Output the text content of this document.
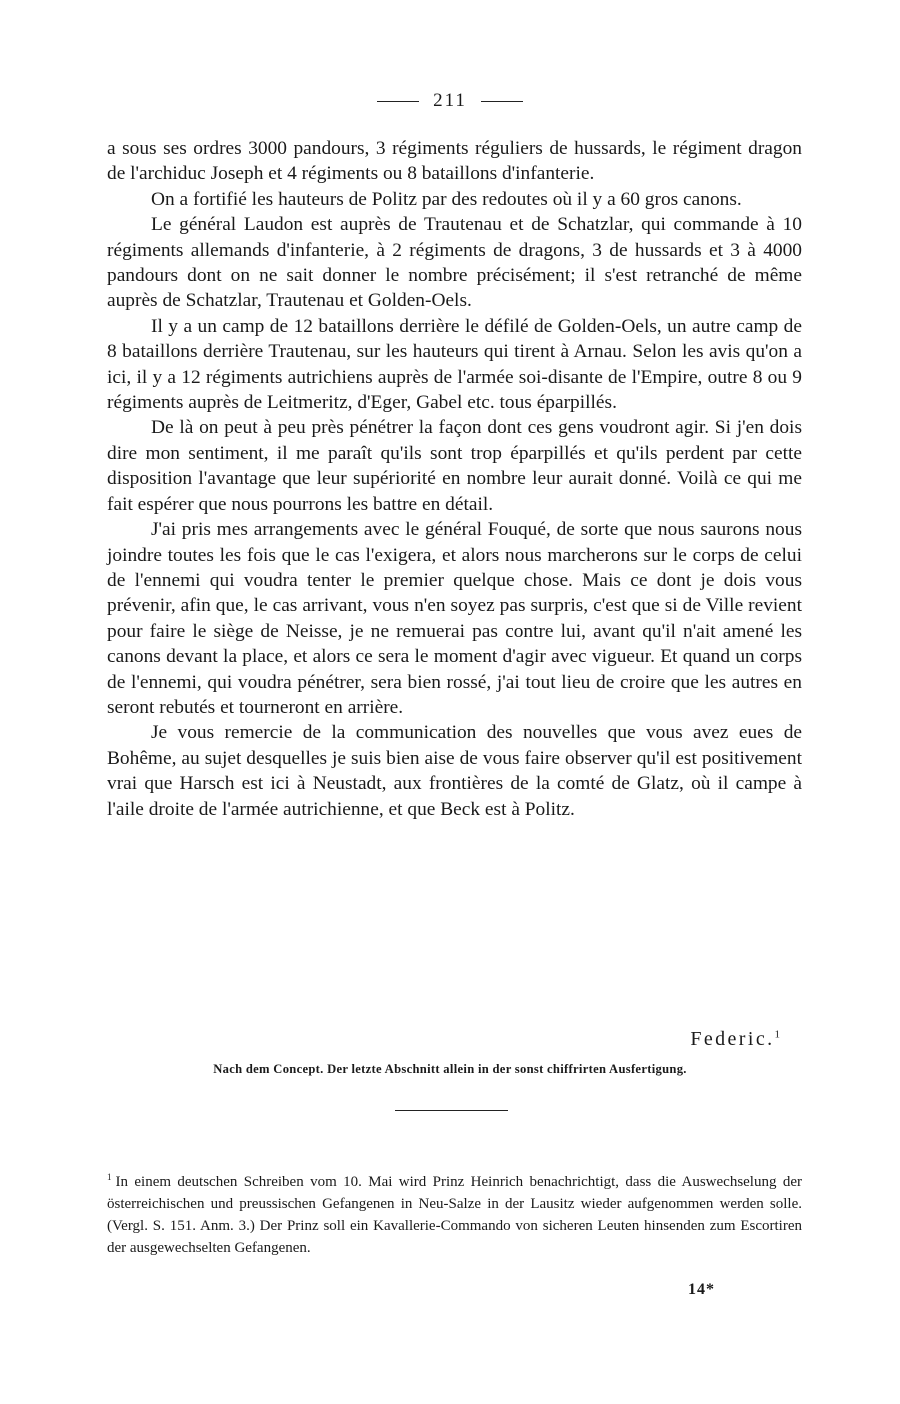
211

a sous ses ordres 3000 pandours, 3 régiments réguliers de hussards, le régiment dragon de l'archiduc Joseph et 4 régiments ou 8 bataillons d'infanterie.

On a fortifié les hauteurs de Politz par des redoutes où il y a 60 gros canons.

Le général Laudon est auprès de Trautenau et de Schatzlar, qui commande à 10 régiments allemands d'infanterie, à 2 régiments de dragons, 3 de hussards et 3 à 4000 pandours dont on ne sait donner le nombre précisément; il s'est retranché de même auprès de Schatzlar, Trautenau et Golden-Oels.

Il y a un camp de 12 bataillons derrière le défilé de Golden-Oels, un autre camp de 8 bataillons derrière Trautenau, sur les hauteurs qui tirent à Arnau. Selon les avis qu'on a ici, il y a 12 régiments autrichiens auprès de l'armée soi-disante de l'Empire, outre 8 ou 9 régiments auprès de Leitmeritz, d'Eger, Gabel etc. tous éparpillés.

De là on peut à peu près pénétrer la façon dont ces gens voudront agir. Si j'en dois dire mon sentiment, il me paraît qu'ils sont trop éparpillés et qu'ils perdent par cette disposition l'avantage que leur supériorité en nombre leur aurait donné. Voilà ce qui me fait espérer que nous pourrons les battre en détail.

J'ai pris mes arrangements avec le général Fouqué, de sorte que nous saurons nous joindre toutes les fois que le cas l'exigera, et alors nous marcherons sur le corps de celui de l'ennemi qui voudra tenter le premier quelque chose. Mais ce dont je dois vous prévenir, afin que, le cas arrivant, vous n'en soyez pas surpris, c'est que si de Ville revient pour faire le siège de Neisse, je ne remuerai pas contre lui, avant qu'il n'ait amené les canons devant la place, et alors ce sera le moment d'agir avec vigueur. Et quand un corps de l'ennemi, qui voudra pénétrer, sera bien rossé, j'ai tout lieu de croire que les autres en seront rebutés et tourneront en arrière.

Je vous remercie de la communication des nouvelles que vous avez eues de Bohême, au sujet desquelles je suis bien aise de vous faire observer qu'il est positivement vrai que Harsch est ici à Neustadt, aux frontières de la comté de Glatz, où il campe à l'aile droite de l'armée autrichienne, et que Beck est à Politz.

Federic.$^1$
Nach dem Concept. Der letzte Abschnitt allein in der sonst chiffrirten Ausfertigung.
$^1$ In einem deutschen Schreiben vom 10. Mai wird Prinz Heinrich benachrichtigt, dass die Auswechselung der österreichischen und preussischen Gefangenen in Neu-Salze in der Lausitz wieder aufgenommen werden solle. (Vergl. S. 151. Anm. 3.) Der Prinz soll ein Kavallerie-Commando von sicheren Leuten hinsenden zum Escortiren der ausgewechselten Gefangenen.
14*
